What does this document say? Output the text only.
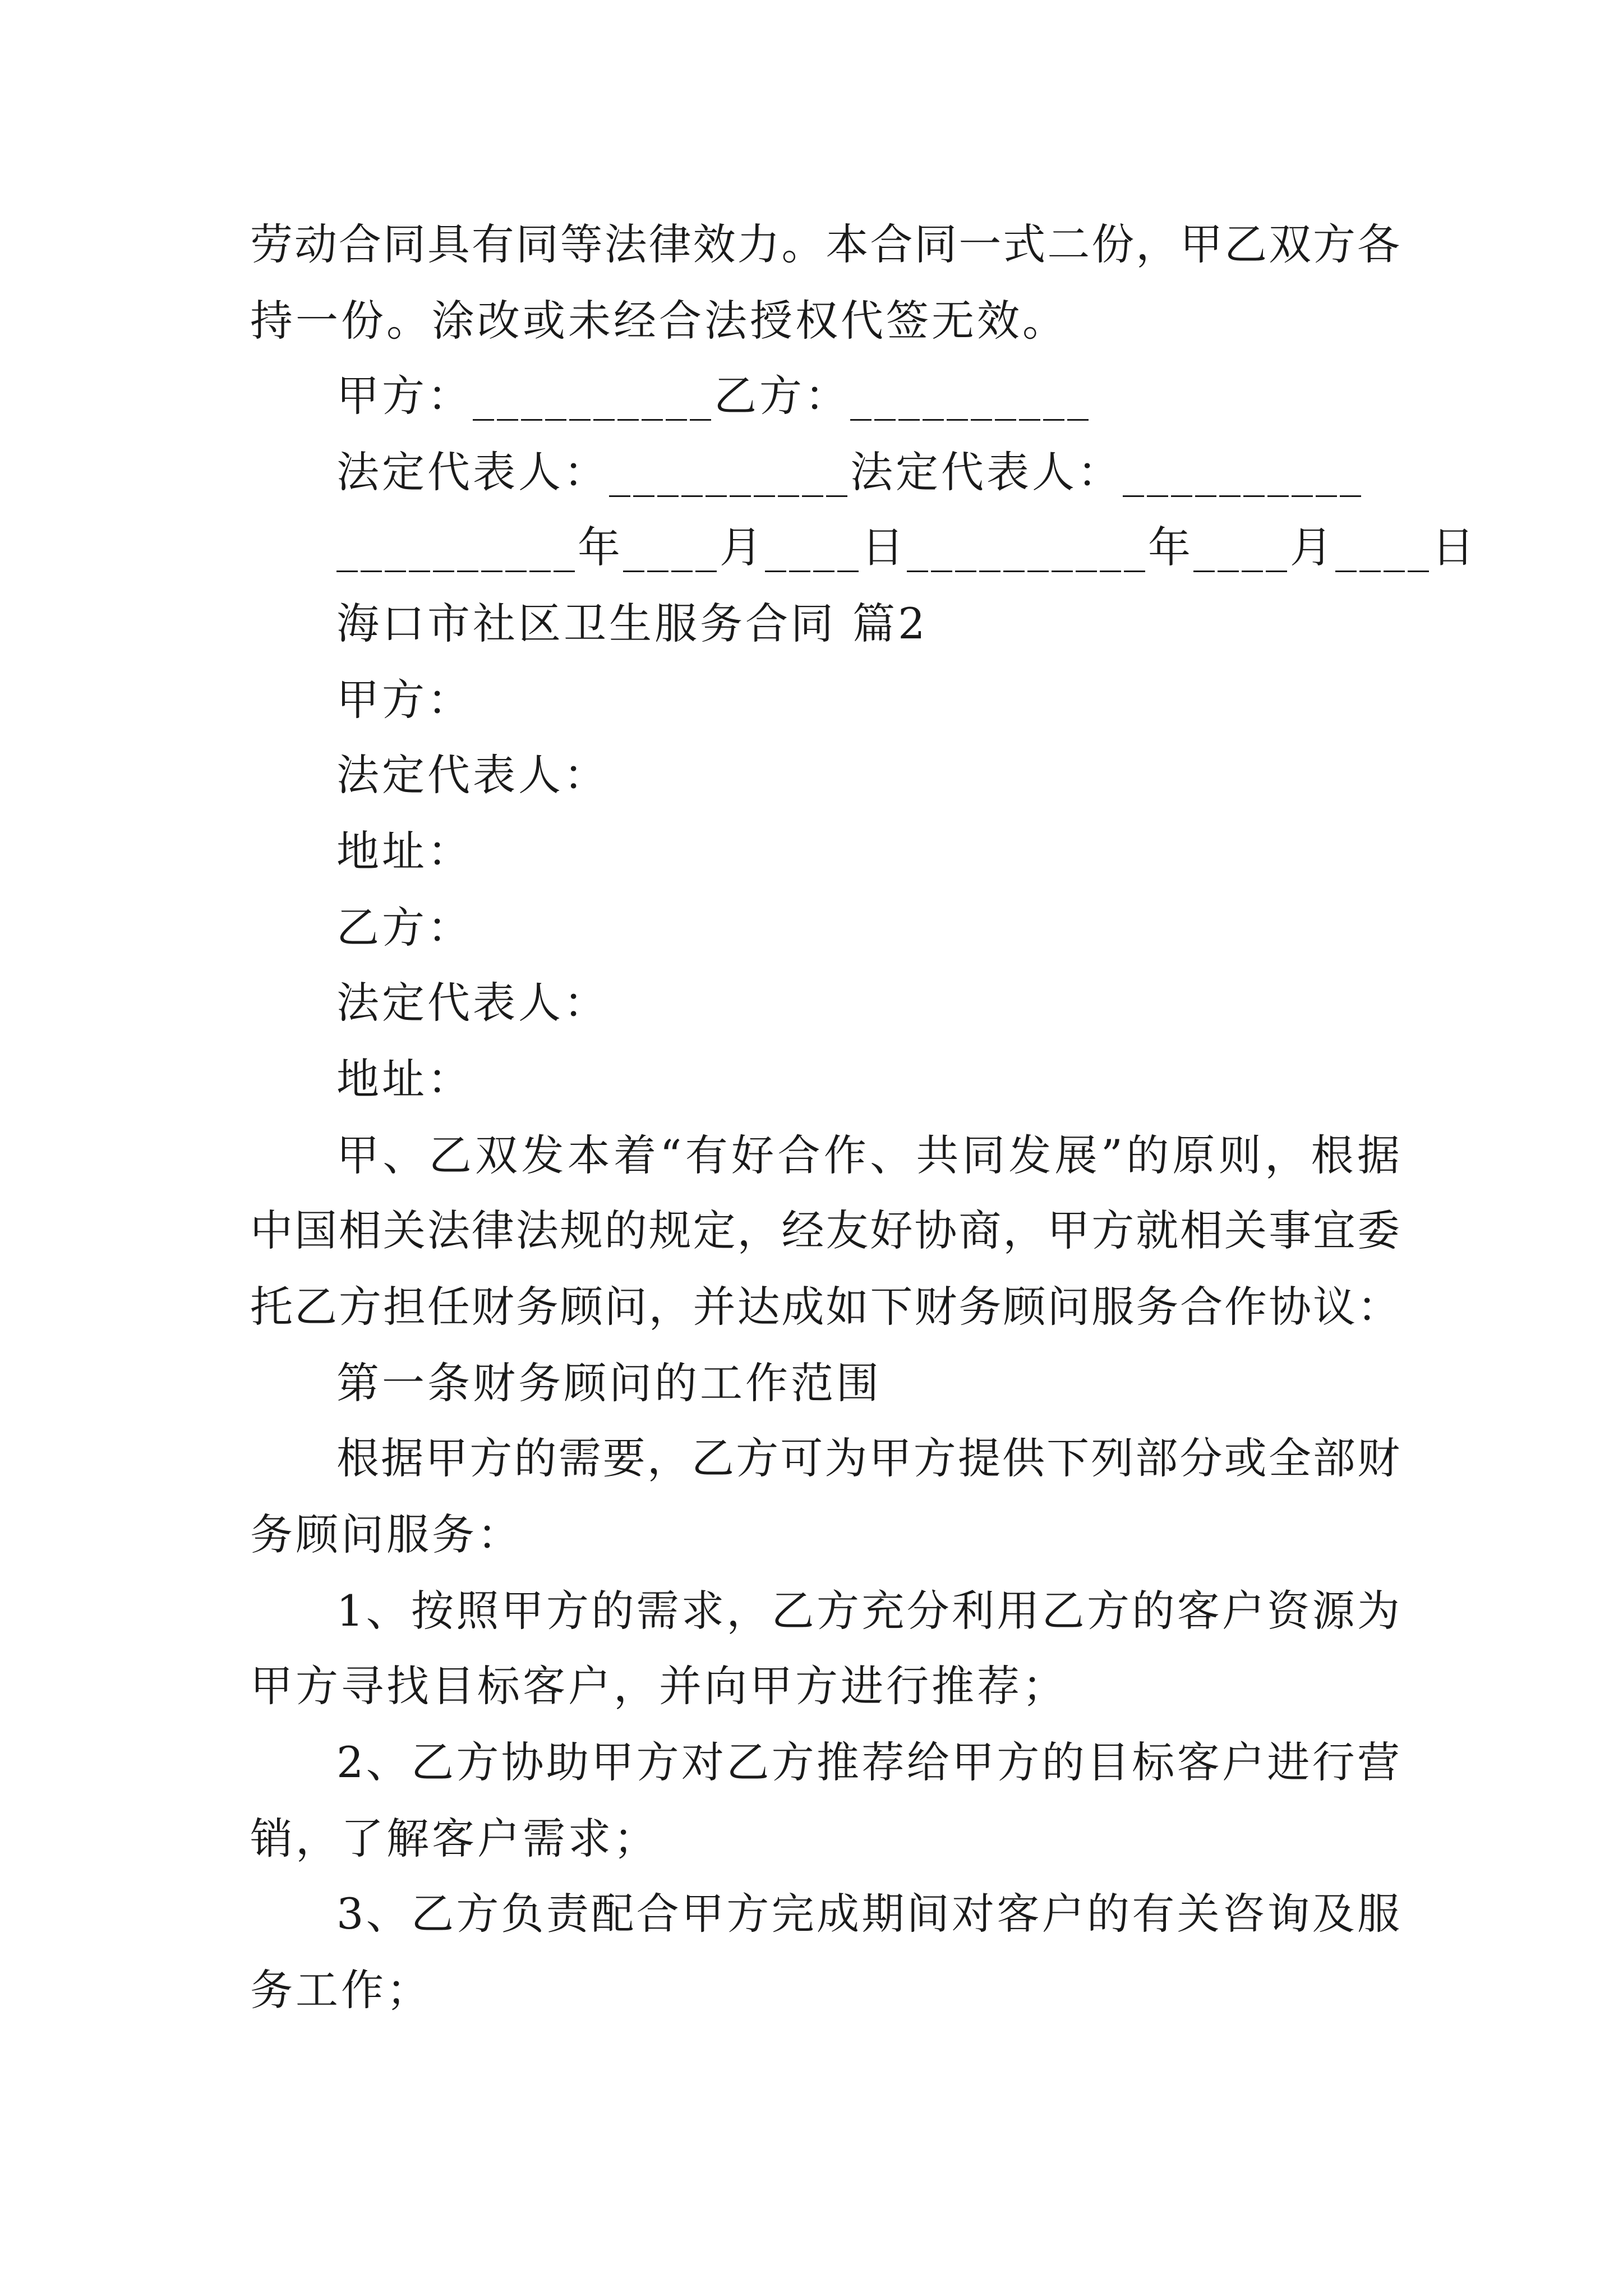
劳动合同具有同等法律效力。本合同一式二份，甲乙双方各
持一份。涂改或未经合法授权代签无效。
甲方：__________乙方：__________
法定代表人：__________法定代表人：__________
__________年____月____日__________年____月____日
海口市社区卫生服务合同 篇2
甲方：
法定代表人：
地址：
乙方：
法定代表人：
地址：
甲、乙双发本着“有好合作、共同发展”的原则，根据
中国相关法律法规的规定，经友好协商，甲方就相关事宜委
托乙方担任财务顾问，并达成如下财务顾问服务合作协议：
第一条财务顾问的工作范围
根据甲方的需要，乙方可为甲方提供下列部分或全部财
务顾问服务：
1、按照甲方的需求，乙方充分利用乙方的客户资源为
甲方寻找目标客户，并向甲方进行推荐；
2、乙方协助甲方对乙方推荐给甲方的目标客户进行营
销，了解客户需求；
3、乙方负责配合甲方完成期间对客户的有关咨询及服
务工作；
